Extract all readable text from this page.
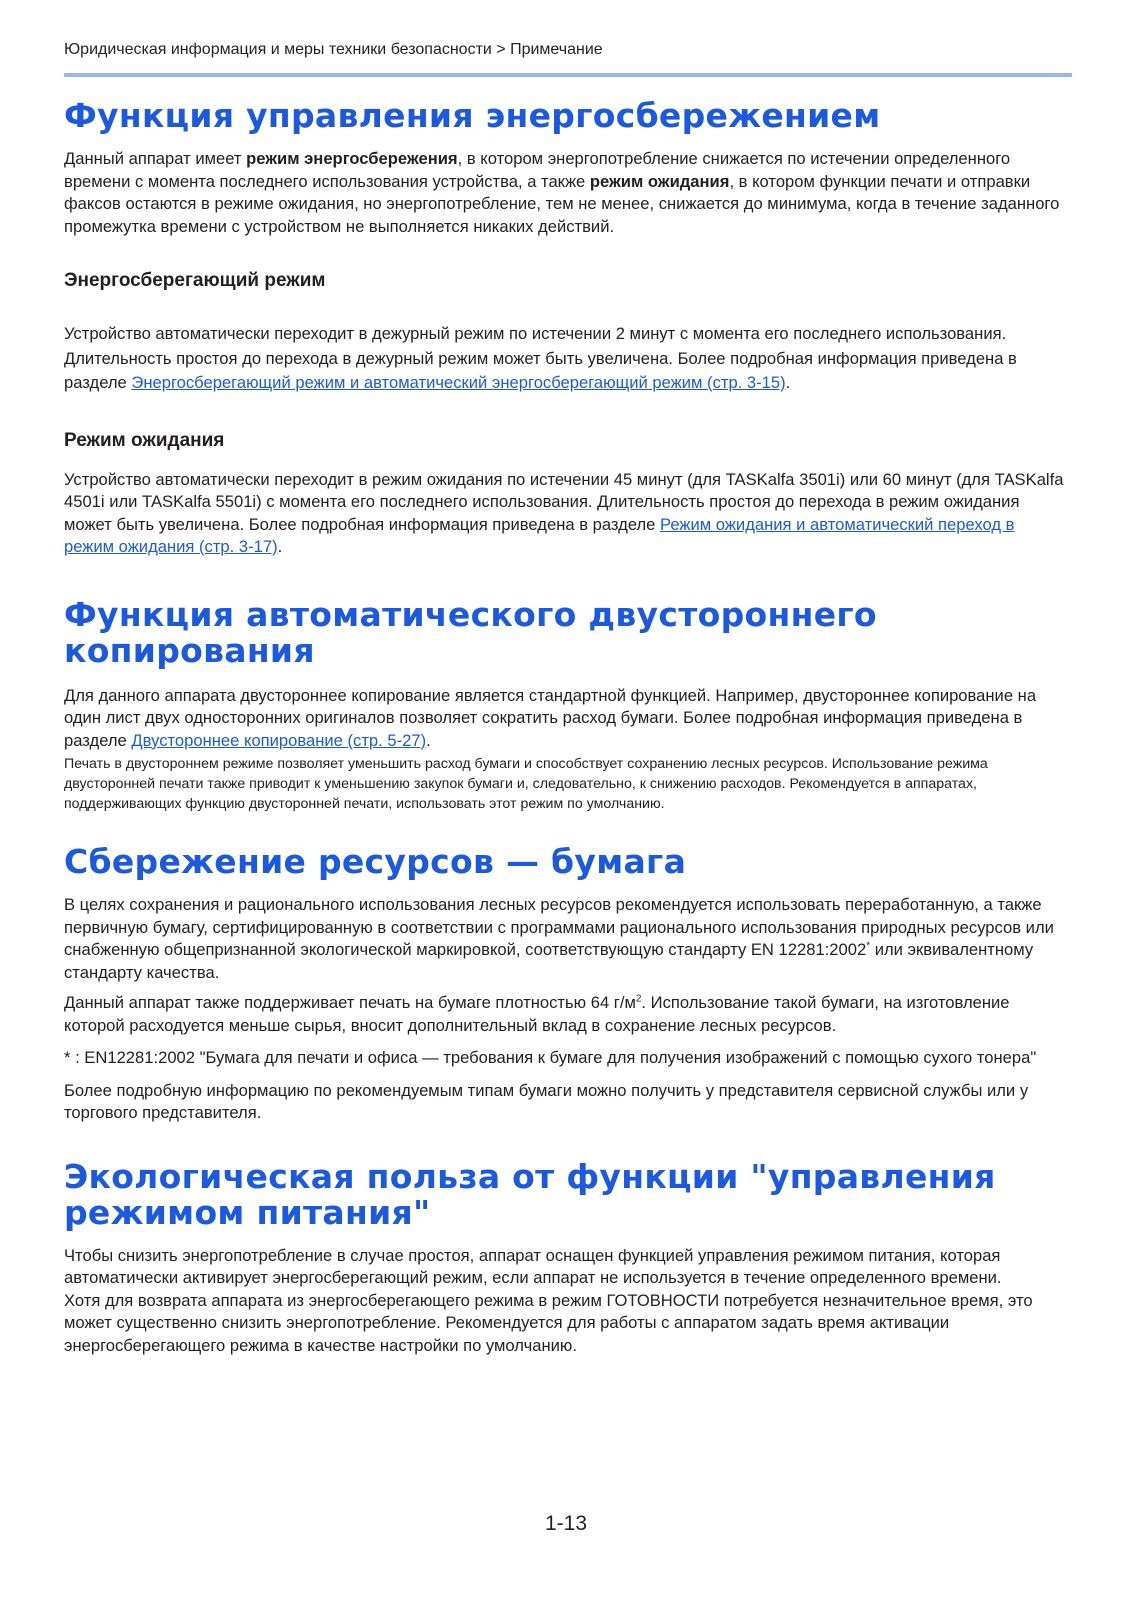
Юридическая информация и меры техники безопасности > Примечание

Функция управления энергосбережением

Данный аппарат имеет режим энергосбережения, в котором энергопотребление снижается по истечении определенного времени с момента последнего использования устройства, а также режим ожидания, в котором функции печати и отправки факсов остаются в режиме ожидания, но энергопотребление, тем не менее, снижается до минимума, когда в течение заданного промежутка времени с устройством не выполняется никаких действий.

Энергосберегающий режим

Устройство автоматически переходит в дежурный режим по истечении 2 минут с момента его последнего использования. Длительность простоя до перехода в дежурный режим может быть увеличена. Более подробная информация приведена в разделе Энергосберегающий режим и автоматический энергосберегающий режим (стр. 3-15).

Режим ожидания

Устройство автоматически переходит в режим ожидания по истечении 45 минут (для TASKalfa 3501i) или 60 минут (для TASKalfa 4501i или TASKalfa 5501i) с момента его последнего использования. Длительность простоя до перехода в режим ожидания может быть увеличена. Более подробная информация приведена в разделе Режим ожидания и автоматический переход в режим ожидания (стр. 3-17).

Функция автоматического двустороннего копирования

Для данного аппарата двустороннее копирование является стандартной функцией. Например, двустороннее копирование на один лист двух односторонних оригиналов позволяет сократить расход бумаги. Более подробная информация приведена в разделе Двустороннее копирование (стр. 5-27).

Печать в двустороннем режиме позволяет уменьшить расход бумаги и способствует сохранению лесных ресурсов. Использование режима двусторонней печати также приводит к уменьшению закупок бумаги и, следовательно, к снижению расходов. Рекомендуется в аппаратах, поддерживающих функцию двусторонней печати, использовать этот режим по умолчанию.

Сбережение ресурсов — бумага

В целях сохранения и рационального использования лесных ресурсов рекомендуется использовать переработанную, а также первичную бумагу, сертифицированную в соответствии с программами рационального использования природных ресурсов или снабженную общепризнанной экологической маркировкой, соответствующую стандарту EN 12281:2002* или эквивалентному стандарту качества.

Данный аппарат также поддерживает печать на бумаге плотностью 64 $г/м^2$. Использование такой бумаги, на изготовление которой расходуется меньше сырья, вносит дополнительный вклад в сохранение лесных ресурсов.

* : EN12281:2002 "Бумага для печати и офиса — требования к бумаге для получения изображений с помощью сухого тонера"

Более подробную информацию по рекомендуемым типам бумаги можно получить у представителя сервисной службы или у торгового представителя.

Экологическая польза от функции "управления режимом питания"

Чтобы снизить энергопотребление в случае простоя, аппарат оснащен функцией управления режимом питания, которая автоматически активирует энергосберегающий режим, если аппарат не используется в течение определенного времени.

Хотя для возврата аппарата из энергосберегающего режима в режим ГОТОВНОСТИ потребуется незначительное время, это может существенно снизить энергопотребление. Рекомендуется для работы с аппаратом задать время активации энергосберегающего режима в качестве настройки по умолчанию.

1-13
